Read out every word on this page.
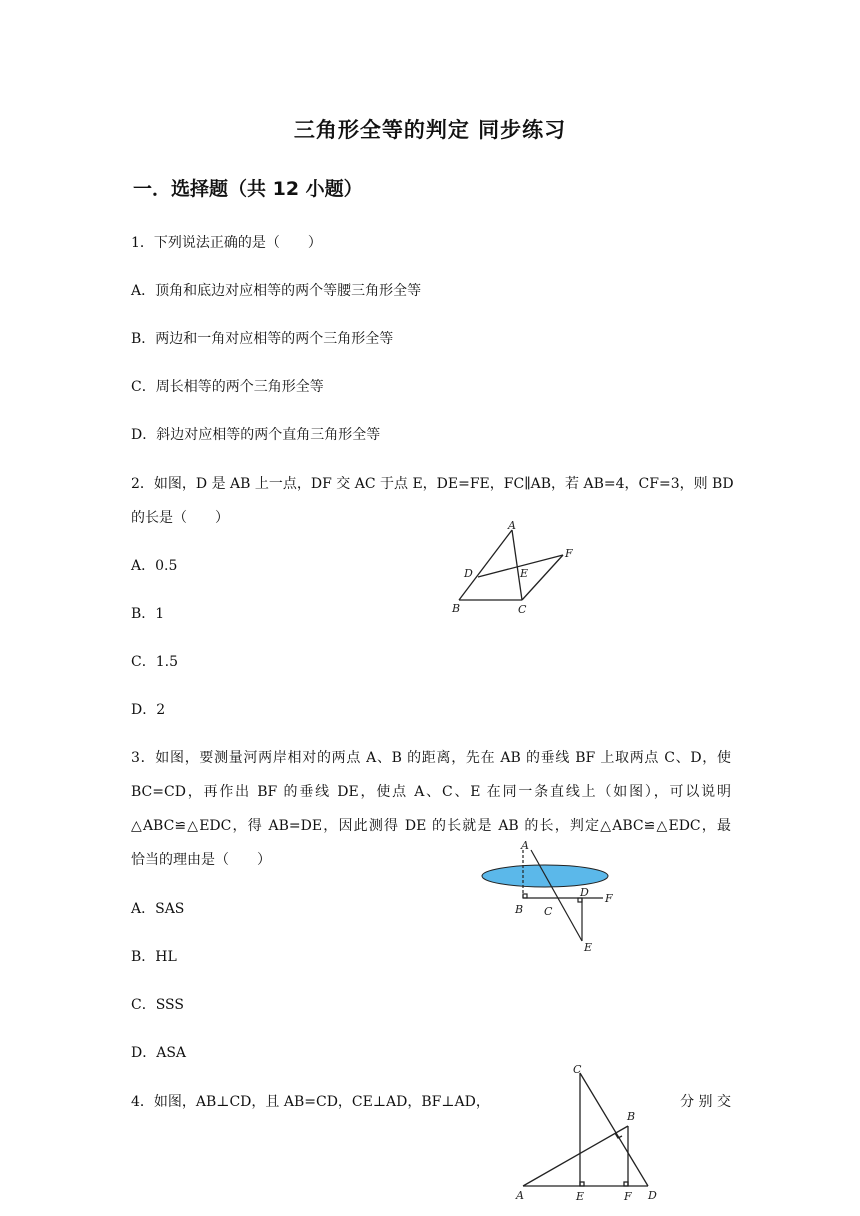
三角形全等的判定 同步练习
一．选择题（共 12 小题）
1．下列说法正确的是（　　）
A．顶角和底边对应相等的两个等腰三角形全等
B．两边和一角对应相等的两个三角形全等
C．周长相等的两个三角形全等
D．斜边对应相等的两个直角三角形全等
2．如图，D 是 AB 上一点，DF 交 AC 于点 E，DE=FE，FC∥AB，若 AB=4，CF=3，则 BD
的长是（　　）
A．0.5
B．1
C．1.5
D．2
A
B	C
D	E
F
3．如图，要测量河两岸相对的两点 A、B 的距离，先在 AB 的垂线 BF 上取两点 C、D，使
BC=CD，再作出 BF 的垂线 DE，使点 A、C、E 在同一条直线上（如图），可以说明
△ABC≌△EDC，得 AB=DE，因此测得 DE 的长就是 AB 的长，判定△ABC≌△EDC，最
恰当的理由是（　　）
A．SAS
B．HL
C．SSS
D．ASA
A
B C
D
E
F
4．如图，AB⊥CD，且 AB=CD，CE⊥AD，BF⊥AD，	分 别 交
C
B
A	E	F D
